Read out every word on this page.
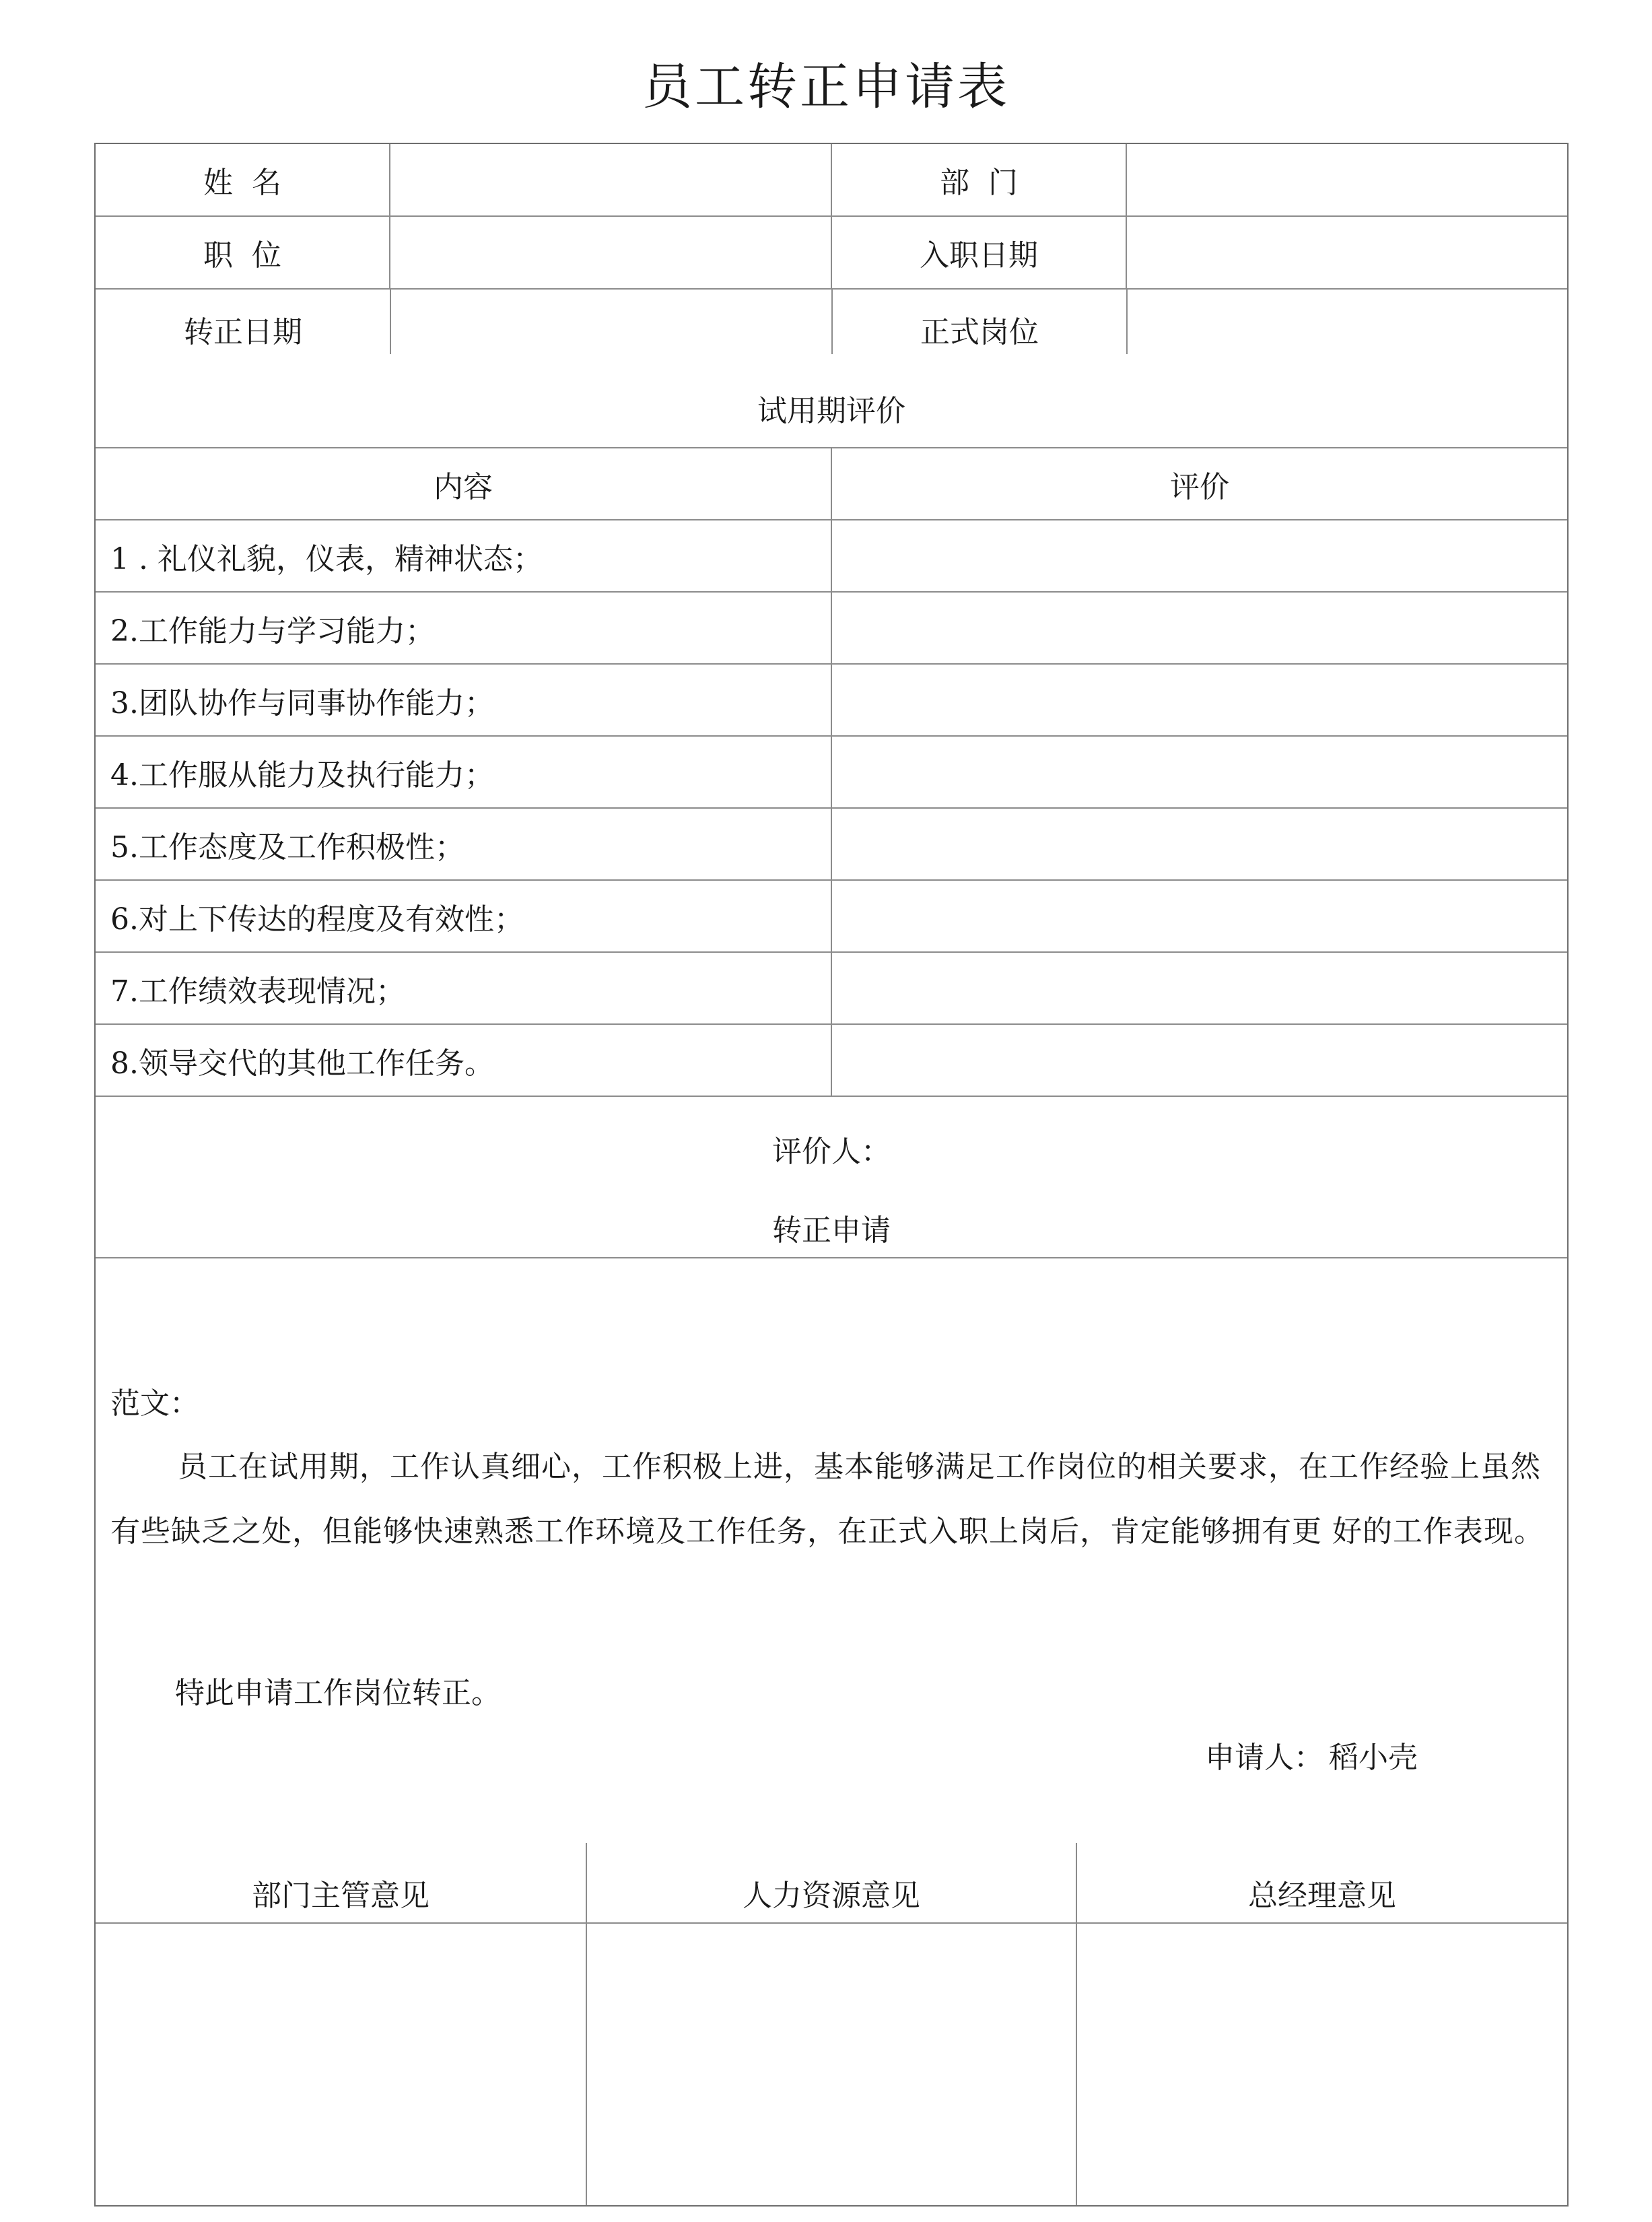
员工转正申请表
姓  名	部  门
职  位	入职日期
转正日期	正式岗位
试用期评价
内容	评价
1 . 礼仪礼貌，仪表，精神状态；
2.工作能力与学习能力；
3.团队协作与同事协作能力；
4.工作服从能力及执行能力；
5.工作态度及工作积极性；
6.对上下传达的程度及有效性；
7.工作绩效表现情况；
8.领导交代的其他工作任务。
评价人：
转正申请
范文：
员工在试用期，工作认真细心，工作积极上进，基本能够满足工作岗位的相关要求，在工作经验上虽然有些缺乏之处，但能够快速熟悉工作环境及工作任务，在正式入职上岗后，肯定能够拥有更 好的工作表现。
特此申请工作岗位转正。
申请人： 稻小壳
部门主管意见	人力资源意见	总经理意见
